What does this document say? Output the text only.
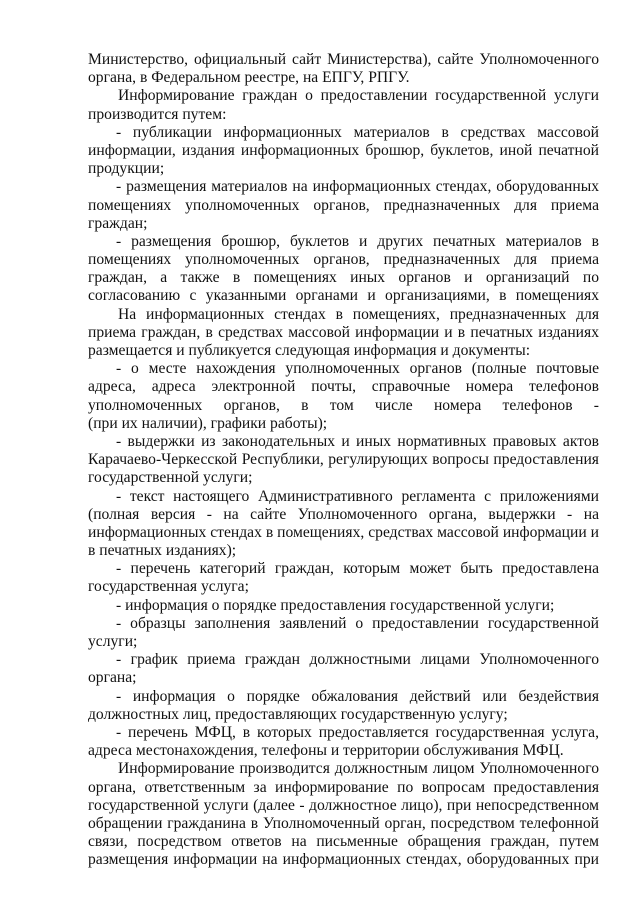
Министерство, официальный сайт Министерства), сайте Уполномоченного
органа, в Федеральном реестре, на ЕПГУ, РПГУ.
Информирование граждан о предоставлении государственной услуги
производится путем:
- публикации информационных материалов в средствах массовой
информации, издания информационных брошюр, буклетов, иной печатной
продукции;
- размещения материалов на информационных стендах, оборудованных
помещениях уполномоченных органов, предназначенных для приема
граждан;
- размещения брошюр, буклетов и других печатных материалов в
помещениях уполномоченных органов, предназначенных для приема
граждан, а также в помещениях иных органов и организаций по
согласованию с указанными органами и организациями, в помещениях
На информационных стендах в помещениях, предназначенных для
приема граждан, в средствах массовой информации и в печатных изданиях
размещается и публикуется следующая информация и документы:
- о месте нахождения уполномоченных органов (полные почтовые
адреса, адреса электронной почты, справочные номера телефонов
уполномоченных органов, в том числе номера телефонов -
(при их наличии), графики работы);
- выдержки из законодательных и иных нормативных правовых актов
Карачаево-Черкесской Республики, регулирующих вопросы предоставления
государственной услуги;
- текст настоящего Административного регламента с приложениями
(полная версия - на сайте Уполномоченного органа, выдержки - на
информационных стендах в помещениях, средствах массовой информации и
в печатных изданиях);
- перечень категорий граждан, которым может быть предоставлена
государственная услуга;
- информация о порядке предоставления государственной услуги;
- образцы заполнения заявлений о предоставлении государственной
услуги;
- график приема граждан должностными лицами Уполномоченного
органа;
- информация о порядке обжалования действий или бездействия
должностных лиц, предоставляющих государственную услугу;
- перечень МФЦ, в которых предоставляется государственная услуга,
адреса местонахождения, телефоны и территории обслуживания МФЦ.
Информирование производится должностным лицом Уполномоченного
органа, ответственным за информирование по вопросам предоставления
государственной услуги (далее - должностное лицо), при непосредственном
обращении гражданина в Уполномоченный орган, посредством телефонной
связи, посредством ответов на письменные обращения граждан, путем
размещения информации на информационных стендах, оборудованных при
